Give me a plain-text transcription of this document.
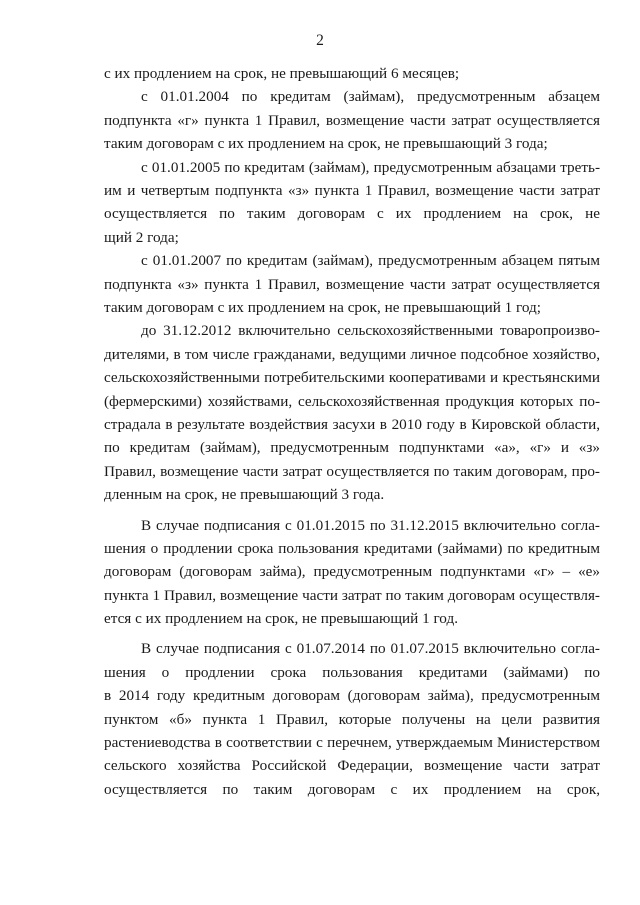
2
с их продлением на срок, не превышающий 6 месяцев;
с 01.01.2004 по кредитам (займам), предусмотренным абзацем
подпункта «г» пункта 1 Правил, возмещение части затрат осуществляется
таким договорам с их продлением на срок, не превышающий 3 года;
с 01.01.2005 по кредитам (займам), предусмотренным абзацами треть-
им и четвертым подпункта «з» пункта 1 Правил, возмещение части затрат
осуществляется по таким договорам с их продлением на срок, не
щий 2 года;
с 01.01.2007 по кредитам (займам), предусмотренным абзацем пятым
подпункта «з» пункта 1 Правил, возмещение части затрат осуществляется
таким договорам с их продлением на срок, не превышающий 1 год;
до 31.12.2012 включительно сельскохозяйственными товаропроизво-
дителями, в том числе гражданами, ведущими личное подсобное хозяйство,
сельскохозяйственными потребительскими кооперативами и крестьянскими
(фермерскими) хозяйствами, сельскохозяйственная продукция которых по-
страдала в результате воздействия засухи в 2010 году в Кировской области,
по кредитам (займам), предусмотренным подпунктами «а», «г» и «з»
Правил, возмещение части затрат осуществляется по таким договорам, про-
дленным на срок, не превышающий 3 года.
В случае подписания с 01.01.2015 по 31.12.2015 включительно согла-
шения о продлении срока пользования кредитами (займами) по кредитным
договорам (договорам займа), предусмотренным подпунктами «г» – «е»
пункта 1 Правил, возмещение части затрат по таким договорам осуществля-
ется с их продлением на срок, не превышающий 1 год.
В случае подписания с 01.07.2014 по 01.07.2015 включительно согла-
шения о продлении срока пользования кредитами (займами) по
в 2014 году кредитным договорам (договорам займа), предусмотренным
пунктом «б» пункта 1 Правил, которые получены на цели развития
растениеводства в соответствии с перечнем, утверждаемым Министерством
сельского хозяйства Российской Федерации, возмещение части затрат
осуществляется по таким договорам с их продлением на срок,
